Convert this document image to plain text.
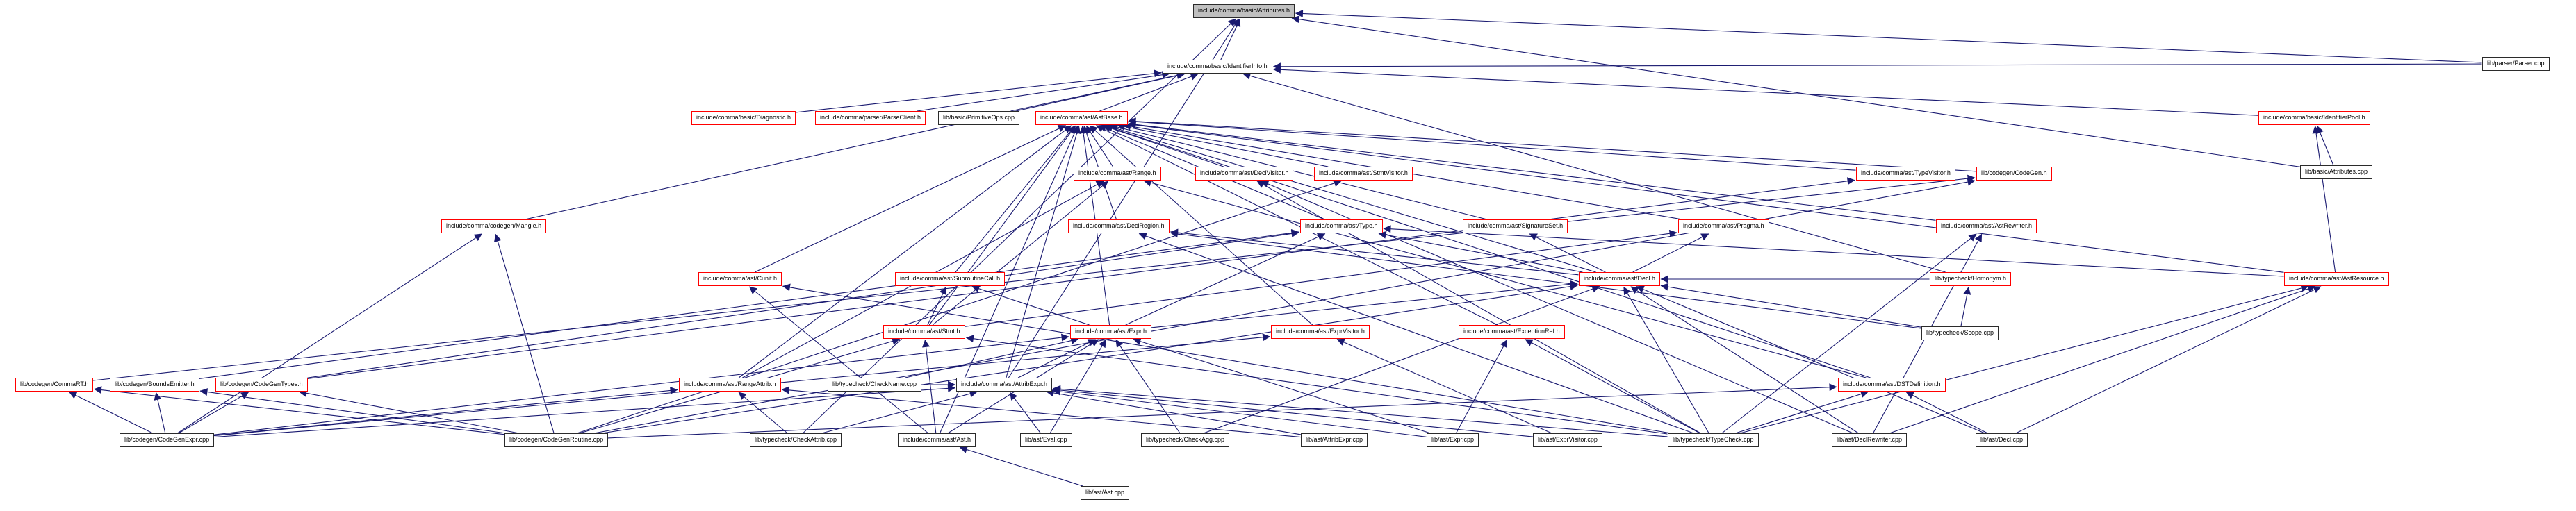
include/comma/basic/Attributes.h
include/comma/basic/IdentifierInfo.h	lib/parser/Parser.cpp
include/comma/basic/Diagnostic.h	include/comma/parser/ParseClient.h	lib/basic/PrimitiveOps.cpp	include/comma/ast/AstBase.h	include/comma/basic/IdentifierPool.h
include/comma/ast/Range.h	include/comma/ast/DeclVisitor.h	include/comma/ast/StmtVisitor.h	include/comma/ast/TypeVisitor.h	lib/codegen/CodeGen.h	lib/basic/Attributes.cpp
include/comma/codegen/Mangle.h	include/comma/ast/DeclRegion.h	include/comma/ast/Type.h	include/comma/ast/SignatureSet.h	include/comma/ast/Pragma.h	include/comma/ast/AstRewriter.h
include/comma/ast/Cunit.h	include/comma/ast/SubroutineCall.h	include/comma/ast/Decl.h	lib/typecheck/Homonym.h	include/comma/ast/AstResource.h
include/comma/ast/Stmt.h	include/comma/ast/Expr.h	include/comma/ast/ExprVisitor.h	include/comma/ast/ExceptionRef.h	lib/typecheck/Scope.cpp
lib/codegen/CommaRT.h	lib/codegen/BoundsEmitter.h	lib/codegen/CodeGenTypes.h	include/comma/ast/RangeAttrib.h	lib/typecheck/CheckName.cpp	include/comma/ast/AttribExpr.h	include/comma/ast/DSTDefinition.h
lib/codegen/CodeGenExpr.cpp	lib/codegen/CodeGenRoutine.cpp	lib/typecheck/CheckAttrib.cpp	include/comma/ast/Ast.h	lib/ast/Eval.cpp	lib/typecheck/CheckAgg.cpp	lib/ast/AttribExpr.cpp	lib/ast/Expr.cpp	lib/ast/ExprVisitor.cpp	lib/typecheck/TypeCheck.cpp	lib/ast/DeclRewriter.cpp	lib/ast/Decl.cpp
lib/ast/Ast.cpp
